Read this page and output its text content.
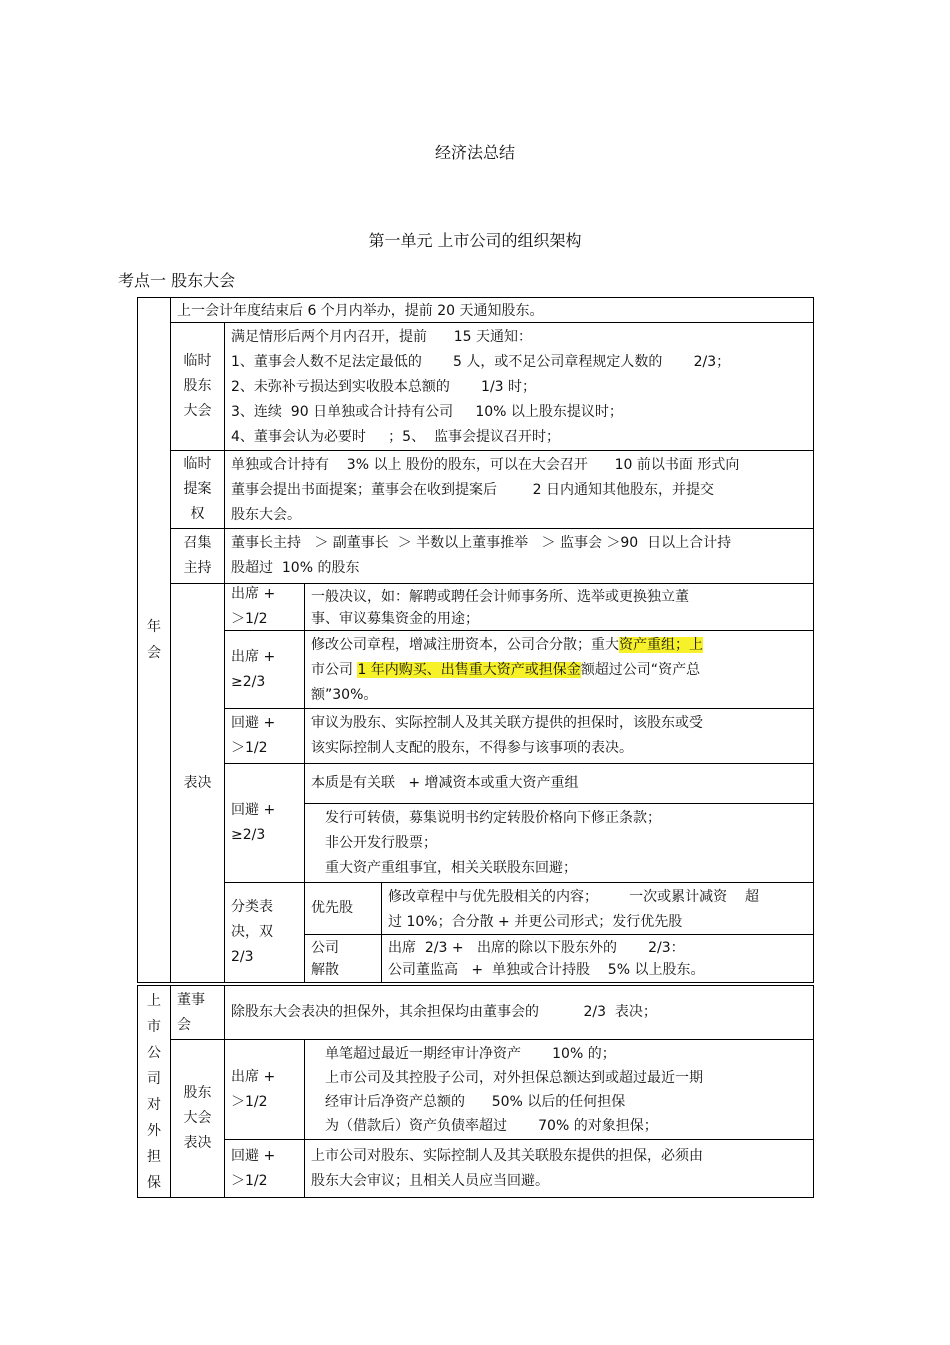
经济法总结
第一单元 上市公司的组织架构
考点一 股东大会
年
会
上一会计年度结束后 6 个月内举办，提前 20 天通知股东。
临时
股东
大会
满足情形后两个月内召开，提前      15 天通知：
1、董事会人数不足法定最低的       5 人，或不足公司章程规定人数的       2/3；
2、未弥补亏损达到实收股本总额的       1/3 时；
3、连续  90 日单独或合计持有公司     10% 以上股东提议时；
4、董事会认为必要时     ；5、  监事会提议召开时；
临时
提案
权
单独或合计持有    3% 以上 股份的股东，可以在大会召开      10 前以书面 形式向
董事会提出书面提案；董事会在收到提案后        2 日内通知其他股东，并提交
股东大会。
召集
主持
董事长主持   ＞ 副董事长  ＞ 半数以上董事推举   ＞ 监事会 ＞90  日以上合计持
股超过  10% 的股东
表决
出席 +
＞1/2
一般决议，如：解聘或聘任会计师事务所、选举或更换独立董
事、审议募集资金的用途；
出席 +
≥2/3
修改公司章程，增减注册资本，公司合分散；重大资产重组；上
市公司 1 年内购买、出售重大资产或担保金额超过公司“资产总
额”30%。
回避 +
＞1/2
审议为股东、实际控制人及其关联方提供的担保时，该股东或受
该实际控制人支配的股东，不得参与该事项的表决。
回避 +
≥2/3
本质是有关联   + 增减资本或重大资产重组
发行可转债，募集说明书约定转股价格向下修正条款；
非公开发行股票；
重大资产重组事宜，相关关联股东回避；
分类表
决，双
2/3
优先股
修改章程中与优先股相关的内容；       一次或累计减资    超
过 10%；合分散 + 并更公司形式；发行优先股
公司
解散
出席  2/3 +   出席的除以下股东外的       2/3：
公司董监高   +  单独或合计持股    5% 以上股东。
上
市
公
司
对
外
担
保
董事
会
除股东大会表决的担保外，其余担保均由董事会的          2/3  表决；
股东
大会
表决
出席 +
＞1/2
单笔超过最近一期经审计净资产       10% 的；
上市公司及其控股子公司，对外担保总额达到或超过最近一期
经审计后净资产总额的      50% 以后的任何担保
为（借款后）资产负债率超过       70% 的对象担保；
回避 +
＞1/2
上市公司对股东、实际控制人及其关联股东提供的担保，必须由
股东大会审议；且相关人员应当回避。
